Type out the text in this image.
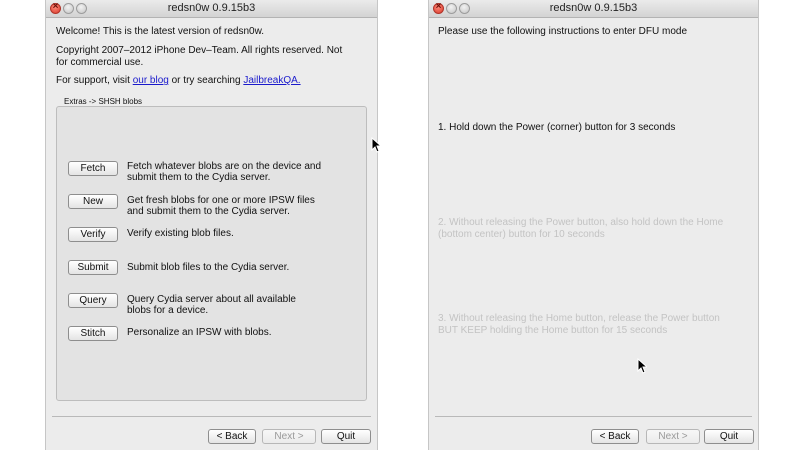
×
redsn0w 0.9.15b3
Welcome! This is the latest version of redsn0w.
Copyright 2007–2012 iPhone Dev–Team. All rights reserved. Not
for commercial use.
For support, visit our blog or try searching JailbreakQA.
Extras -> SHSH blobs
Fetch	Fetch whatever blobs are on the device and
submit them to the Cydia server.
New	Get fresh blobs for one or more IPSW files
and submit them to the Cydia server.
Verify	Verify existing blob files.
Submit	Submit blob files to the Cydia server.
Query	Query Cydia server about all available
blobs for a device.
Stitch	Personalize an IPSW with blobs.
< Back	Next >	Quit
×
redsn0w 0.9.15b3
Please use the following instructions to enter DFU mode
1. Hold down the Power (corner) button for 3 seconds
2. Without releasing the Power button, also hold down the Home
(bottom center) button for 10 seconds
3. Without releasing the Home button, release the Power button
BUT KEEP holding the Home button for 15 seconds
< Back	Next >	Quit
